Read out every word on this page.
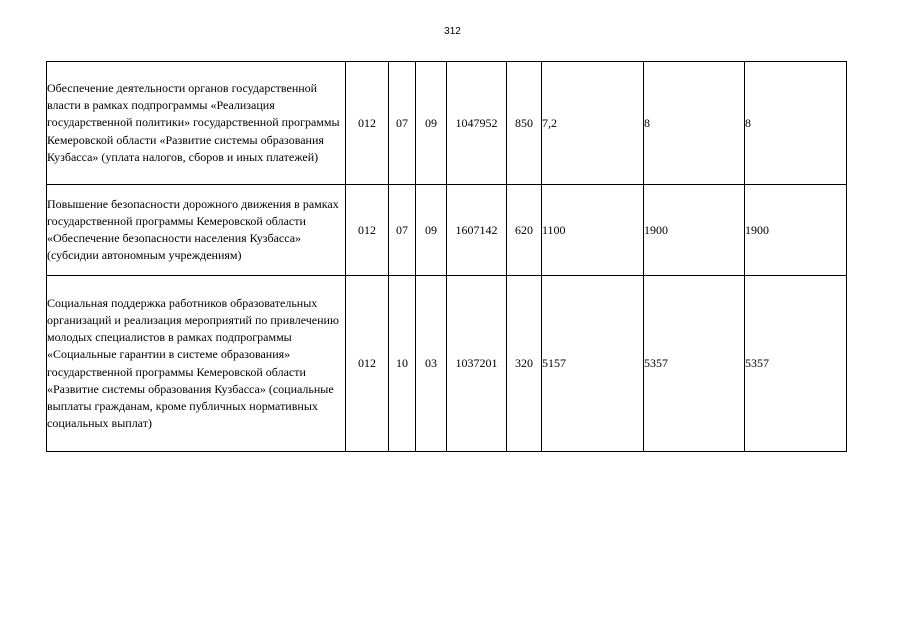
312
Обеспечение деятельности органов государственной власти в рамках подпрограммы «Реализация государственной политики» государственной программы Кемеровской области «Развитие системы образования Кузбасса» (уплата налогов, сборов и иных платежей)	012	07	09	1047952	850	7,2	8	8
Повышение безопасности дорожного движения в рамках государственной программы Кемеровской области «Обеспечение безопасности населения Кузбасса» (субсидии автономным учреждениям)	012	07	09	1607142	620	1100	1900	1900
Социальная поддержка работников образовательных организаций и реализация мероприятий по привлечению молодых специалистов в рамках подпрограммы «Социальные гарантии в системе образования» государственной программы Кемеровской области «Развитие системы образования Кузбасса» (социальные выплаты гражданам, кроме публичных нормативных социальных выплат)	012	10	03	1037201	320	5157	5357	5357
